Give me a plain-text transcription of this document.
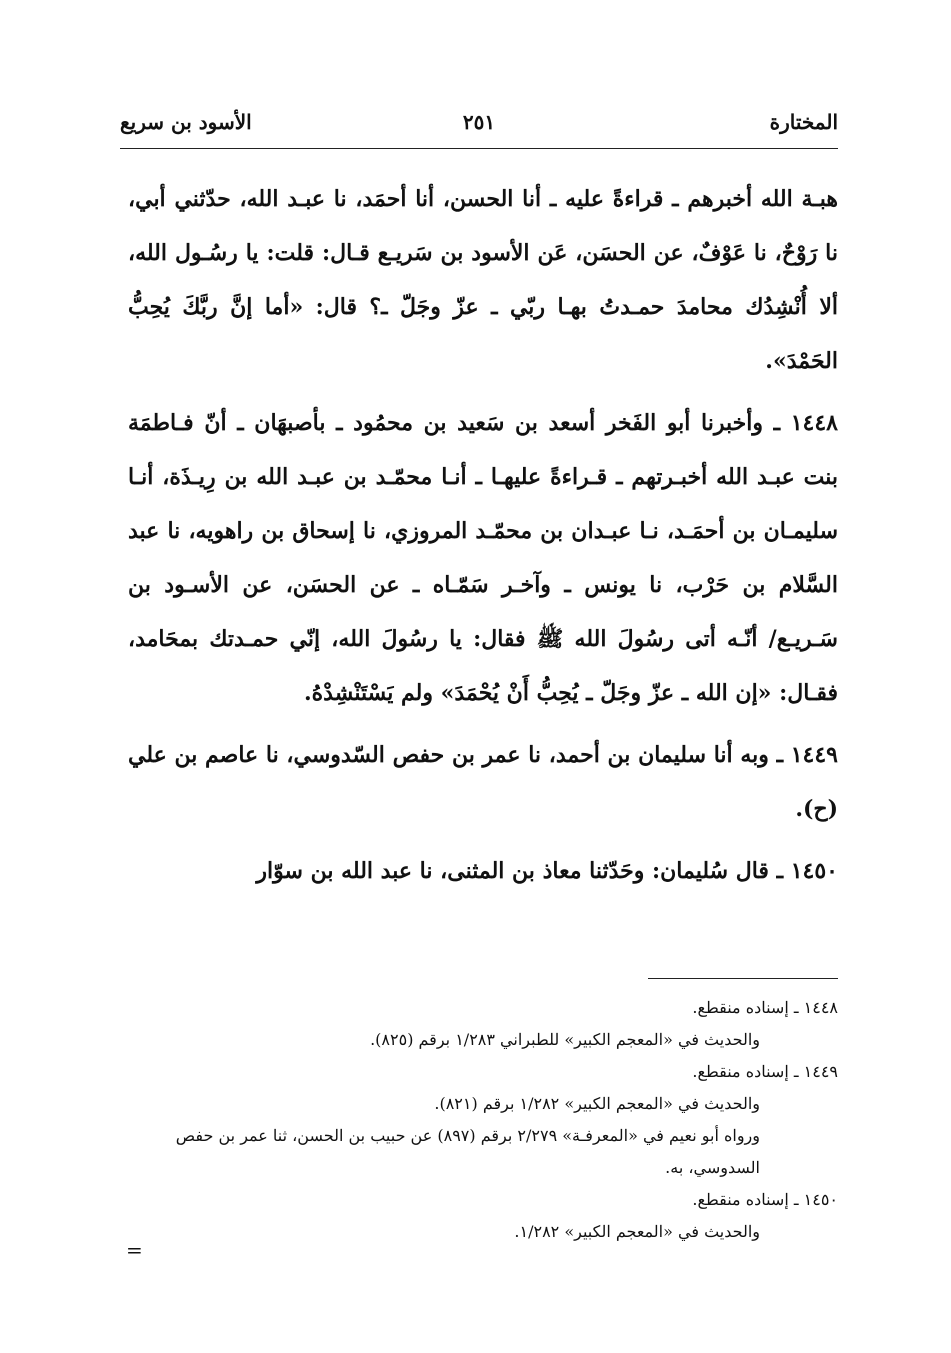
المختارة
٢٥١
الأسود بن سريع

هبـة الله أخبرهم ـ قراءةً عليه ـ أنا الحسن، أنا أحمَد، نا عبـد الله، حدّثني أبي، نا رَوْحٌ، نا عَوْفٌ، عن الحسَن، عَن الأسود بن سَريـع قـال: قلت: يا رسُـول الله، ألا أُنْشِدُك محامدَ حمـدتُ بهـا ربّي ـ عزّ وجَلّ ـ؟ قال: «أما إنَّ ربَّكَ يُحِبُّ الحَمْدَ».

١٤٤٨ ـ وأخبرنا أبو الفَخر أسعد بن سَعيد بن محمُود ـ بأصبهَان ـ أنّ فـاطمَة بنت عبـد الله أخبـرتهم ـ قـراءةً عليهـا ـ أنـا محمّـد بن عبـد الله بن رِيـذَة، أنـا سليمـان بن أحمَـد، نـا عبـدان بن محمّـد المروزي، نا إسحاق بن راهويه، نا عبد السَّلام بن حَرْب، نا يونس ـ وآخـر سَمّـاه ـ عن الحسَن، عن الأسـود بن سَـريـع/ أنّـه أتى رسُولَ الله ﷺ فقال: يا رسُولَ الله، إنّي حمـدتك بمحَامد، فقـال: «إن الله ـ عزّ وجَلّ ـ يُحِبُّ أَنْ يُحْمَدَ» ولم يَسْتَنْشِدْهُ.

١٤٤٩ ـ وبه أنا سليمان بن أحمد، نا عمر بن حفص السّدوسي، نا عاصم بن علي (ح).

١٤٥٠ ـ قال سُليمان: وحَدّثنا معاذ بن المثنى، نا عبد الله بن سوّار

١٤٤٨ ـ إسناده منقطع.
والحديث في «المعجم الكبير» للطبراني ١/٢٨٣ برقم (٨٢٥).
١٤٤٩ ـ إسناده منقطع.
والحديث في «المعجم الكبير» ١/٢٨٢ برقم (٨٢١).
ورواه أبو نعيم في «المعرفـة» ٢/٢٧٩ برقم (٨٩٧) عن حبيب بن الحسن، ثنا عمر بن حفص السدوسي، به.
١٤٥٠ ـ إسناده منقطع.
والحديث في «المعجم الكبير» ١/٢٨٢.
=
